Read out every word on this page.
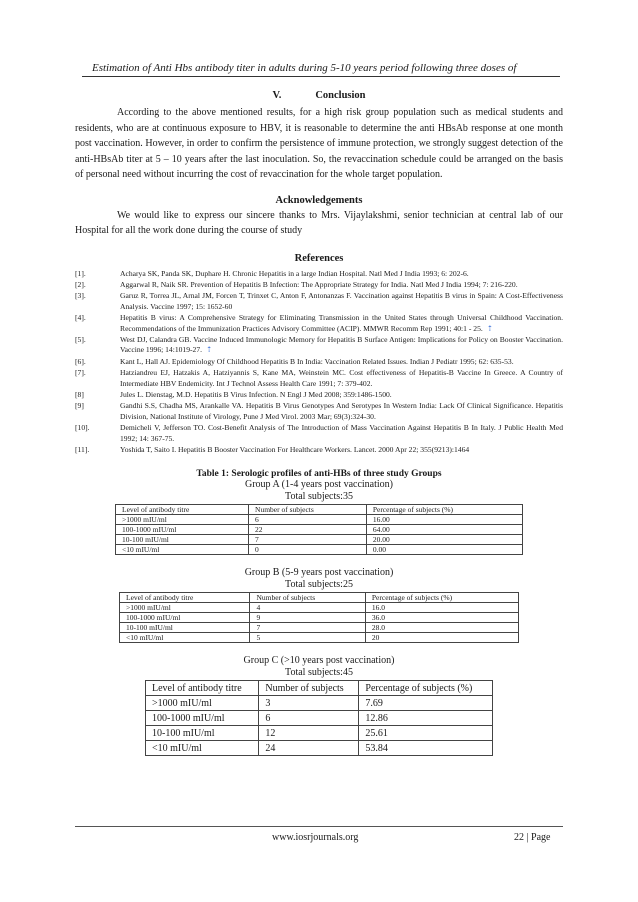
Estimation of Anti Hbs antibody titer in adults during 5-10 years period following three doses of
V.	Conclusion

According to the above mentioned results, for a high risk group population such as medical students and residents, who are at continuous exposure to HBV, it is reasonable to determine the anti HBsAb response at one month post vaccination. However, in order to confirm the persistence of immune protection, we strongly suggest detection of the anti-HBsAb titer at 5 – 10 years after the last inoculation. So, the revaccination schedule could be arranged on the basis of personal need without incurring the cost of revaccination for the whole target population.

Acknowledgements

We would like to express our sincere thanks to Mrs. Vijaylakshmi, senior technician at central lab of our Hospital for all the work done during the course of study

References
[1].	Acharya SK, Panda SK, Duphare H. Chronic Hepatitis in a large Indian Hospital. Natl Med J India 1993; 6: 202-6.
[2].	Aggarwal R, Naik SR. Prevention of Hepatitis B Infection: The Appropriate Strategy for India. Natl Med J India 1994; 7: 216-220.
[3].	Garuz R, Torrea JL, Arnal JM, Forcen T, Trinxet C, Anton F, Antonanzas F. Vaccination against Hepatitis B virus in Spain: A Cost-Effectiveness Analysis. Vaccine 1997; 15: 1652-60
[4].	Hepatitis B virus: A Comprehensive Strategy for Eliminating Transmission in the United States through Universal Childhood Vaccination. Recommendations of the Immunization Practices Advisory Committee (ACIP). MMWR Recomm Rep 1991; 40:1 - 25. ⇡
[5].	West DJ, Calandra GB. Vaccine Induced Immunologic Memory for Hepatitis B Surface Antigen: Implications for Policy on Booster Vaccination. Vaccine 1996; 14:1019-27. ⇡
[6].	Kant L, Hall AJ. Epidemiology Of Childhood Hepatitis B In India: Vaccination Related Issues. Indian J Pediatr 1995; 62: 635-53.
[7].	Hatziandreu EJ, Hatzakis A, Hatziyannis S, Kane MA, Weinstein MC. Cost effectiveness of Hepatitis-B Vaccine In Greece. A Country of Intermediate HBV Endemicity. Int J Technol Assess Health Care 1991; 7: 379-402.
[8]	Jules L. Dienstag, M.D. Hepatitis B Virus Infection. N Engl J Med 2008; 359:1486-1500.
[9]	Gandhi S.S, Chadha MS, Arankalle VA. Hepatitis B Virus Genotypes And Serotypes In Western India: Lack Of Clinical Significance. Hepatitis Division, National Institute of Virology, Pune J Med Virol. 2003 Mar; 69(3):324-30.
[10].	Demicheli V, Jefferson TO. Cost-Benefit Analysis of The Introduction of Mass Vaccination Against Hepatitis B In Italy. J Public Health Med 1992; 14: 367-75.
[11].	Yoshida T, Saito I. Hepatitis B Booster Vaccination For Healthcare Workers. Lancet. 2000 Apr 22; 355(9213):1464
Table 1: Serologic profiles of anti-HBs of three study Groups
Group A (1-4 years post vaccination)
Total subjects:35
Level of antibody titre	Number of subjects	Percentage of subjects (%)
>1000 mIU/ml	6	16.00
100-1000 mIU/ml	22	64.00
10-100 mIU/ml	7	20.00
<10 mIU/ml	0	0.00
Group B (5-9 years post vaccination)
Total subjects:25
Level of antibody titre	Number of subjects	Percentage of subjects (%)
>1000 mIU/ml	4	16.0
100-1000 mIU/ml	9	36.0
10-100 mIU/ml	7	28.0
<10 mIU/ml	5	20
Group C (>10 years post vaccination)
Total subjects:45
Level of antibody titre	Number of subjects	Percentage of subjects (%)
>1000 mIU/ml	3	7.69
100-1000 mIU/ml	6	12.86
10-100 mIU/ml	12	25.61
<10 mIU/ml	24	53.84
www.iosrjournals.org	22 | Page
